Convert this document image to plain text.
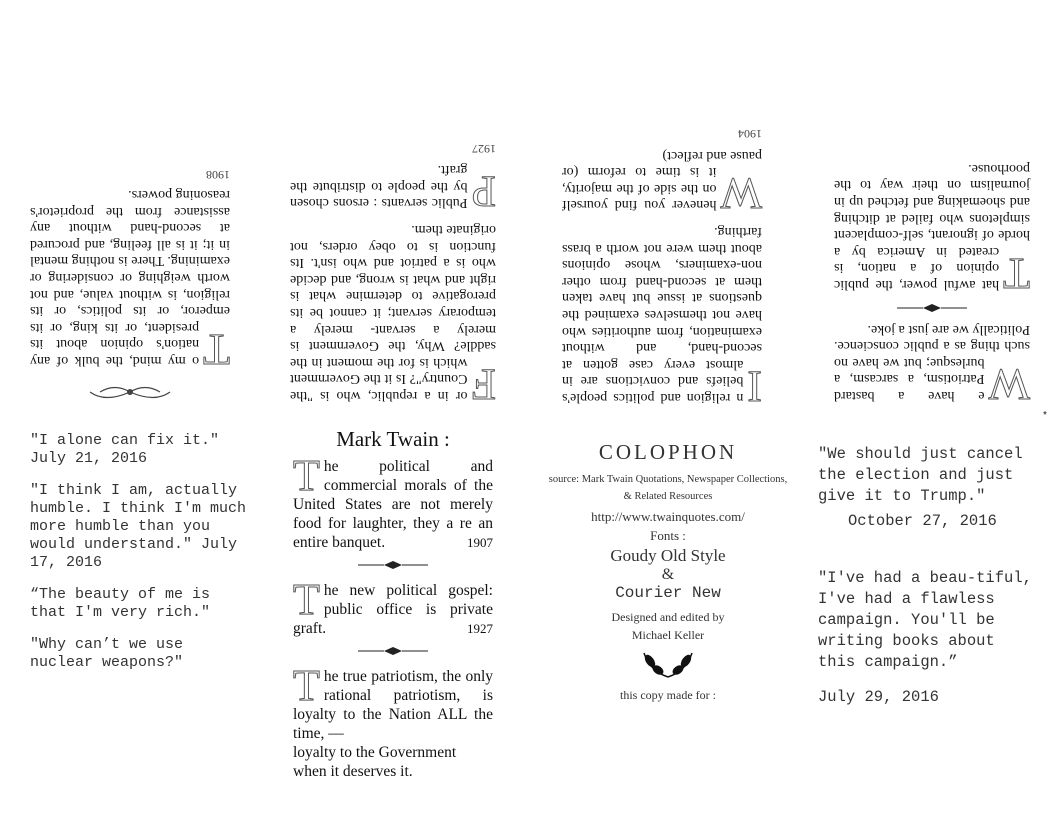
T
o my mind, the bulk of any nation's opinion about its president, or its king, or its emperor, or its politics, or its religion, is without value, and not worth weighing or considering or examining. There is nothing mental in it; it is all feeling, and procured at second-hand without any assistance from the proprietor's reasoning powers.
1908
F
or in a republic, who is "the Country"? Is it the Government which is for the moment in the saddle? Why, the Government is merely a servant- merely a temporary servant; it cannot be its prerogative to determine what is right and what is wrong, and decide who is a patriot and who isn't. Its function is to obey orders, not originate them.
P
Public servants : ersons chosen by the people to distribute the graft.
1927
I
n religion and politics people's beliefs and convictions are in almost every case gotten at second-hand, and without examination, from authorities who have not themselves examined the questions at issue but have taken them at second-hand from other non-examiners, whose opinions about them were not worth a brass farthing.
W
henever you find yourself on the side of the majority, it is time to reform (or pause and reflect)
1904
W
e have a bastard Patriotism, a sarcasm, a burlesque; but we have no such thing as a public conscience. Politically we are just a joke.
T
hat awful power, the public opinion of a nation, is created in America by a horde of ignorant, self-complacent simpletons who failed at ditching and shoemaking and fetched up in journalism on their way to the poorhouse.

"I alone can fix it." July 21, 2016

"I think I am, actually humble. I think I'm much more humble than you would understand." July 17, 2016

“The beauty of me is that I'm very rich."

"Why can’t we use nuclear weapons?"

Mark Twain :
The political and commercial morals of the United States are not merely food for laughter, they a re an entire banquet.	1907
The new political gospel: public office is private graft.	1927
The true patriotism, the only rational patriotism, is loyalty to the Nation ALL the time, —
loyalty to the Government when it deserves it.
COLOPHON
source: Mark Twain Quotations, Newspaper Collections, & Related Resources
http://www.twainquotes.com/
Fonts :
Goudy Old Style
&
Courier New
Designed and edited by
Michael Keller
this copy made for :
"We should just cancel the election and just give it to Trump."
October 27, 2016
"I've had a beau-tiful, I've had a flawless campaign. You'll be writing books about this campaign.”
July 29, 2016
*
